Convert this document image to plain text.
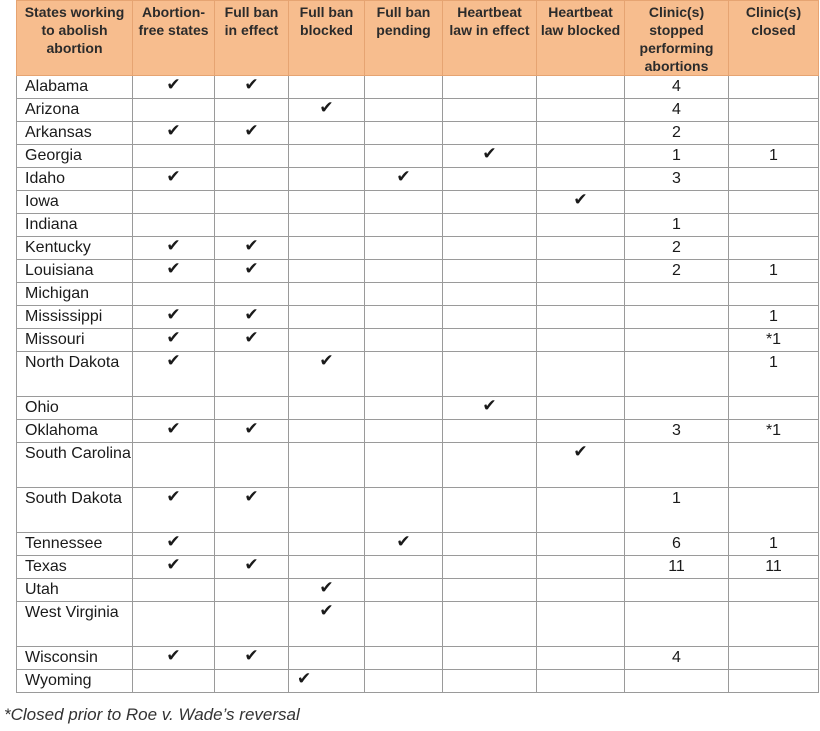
States working to abolish abortion	Abortion-free states	Full ban in effect	Full ban blocked	Full ban pending	Heartbeat law in effect	Heartbeat law blocked	Clinic(s) stopped performing abortions	Clinic(s) closed
Alabama	✔	✔					4	
Arizona			✔				4	
Arkansas	✔	✔					2	
Georgia					✔		1	1
Idaho	✔			✔			3	
Iowa						✔		
Indiana							1	
Kentucky	✔	✔					2	
Louisiana	✔	✔					2	1
Michigan								
Mississippi	✔	✔						1
Missouri	✔	✔						*1
North Dakota	✔		✔					1
Ohio					✔			
Oklahoma	✔	✔					3	*1
South Carolina						✔		
South Dakota	✔	✔					1	
Tennessee	✔			✔			6	1
Texas	✔	✔					11	11
Utah			✔					
West Virginia			✔					
Wisconsin	✔	✔					4	
Wyoming			✔					
*Closed prior to Roe v. Wade’s reversal
